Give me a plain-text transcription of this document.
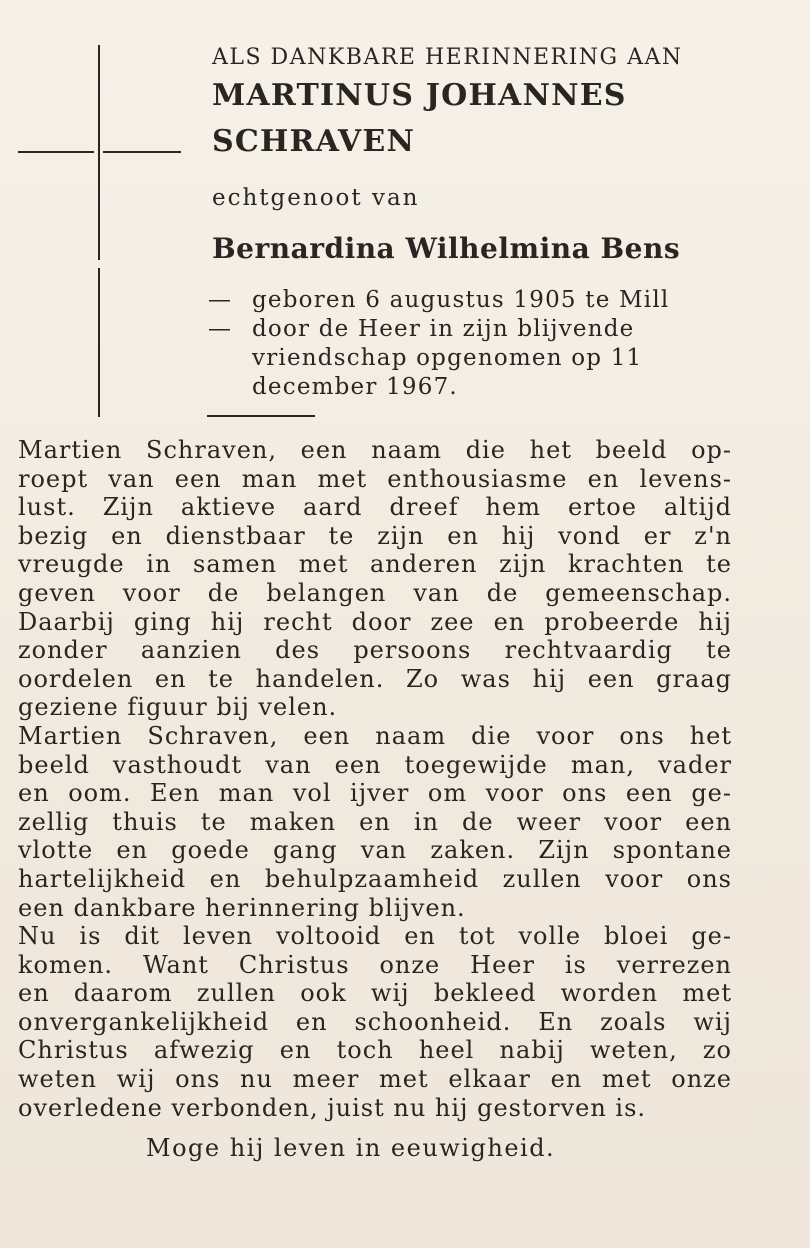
ALS DANKBARE HERINNERING AAN

MARTINUS JOHANNES

SCHRAVEN

echtgenoot van

Bernardina Wilhelmina Bens

— geboren 6 augustus 1905 te Mill
— door de Heer in zijn blijvende
vriendschap opgenomen op 11
december 1967.
Martien Schraven, een naam die het beeld op-
roept van een man met enthousiasme en levens-
lust. Zijn aktieve aard dreef hem ertoe altijd
bezig en dienstbaar te zijn en hij vond er z'n
vreugde in samen met anderen zijn krachten te
geven voor de belangen van de gemeenschap.
Daarbij ging hij recht door zee en probeerde hij
zonder aanzien des persoons rechtvaardig te
oordelen en te handelen. Zo was hij een graag
geziene figuur bij velen.
Martien Schraven, een naam die voor ons het
beeld vasthoudt van een toegewijde man, vader
en oom. Een man vol ijver om voor ons een ge-
zellig thuis te maken en in de weer voor een
vlotte en goede gang van zaken. Zijn spontane
hartelijkheid en behulpzaamheid zullen voor ons
een dankbare herinnering blijven.
Nu is dit leven voltooid en tot volle bloei ge-
komen. Want Christus onze Heer is verrezen
en daarom zullen ook wij bekleed worden met
onvergankelijkheid en schoonheid. En zoals wij
Christus afwezig en toch heel nabij weten, zo
weten wij ons nu meer met elkaar en met onze
overledene verbonden, juist nu hij gestorven is.
Moge hij leven in eeuwigheid.
